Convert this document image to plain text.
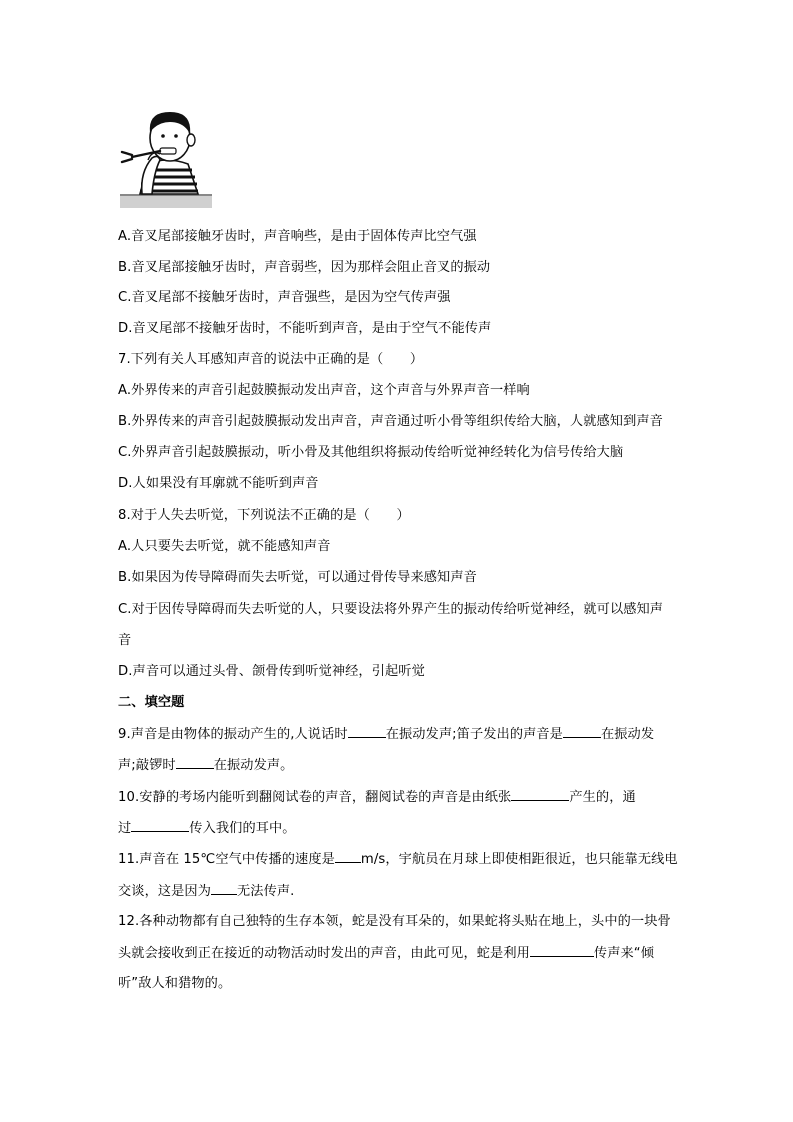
A.音叉尾部接触牙齿时，声音响些，是由于固体传声比空气强
B.音叉尾部接触牙齿时，声音弱些，因为那样会阻止音叉的振动
C.音叉尾部不接触牙齿时，声音强些，是因为空气传声强
D.音叉尾部不接触牙齿时，不能听到声音，是由于空气不能传声
7.下列有关人耳感知声音的说法中正确的是（　　）
A.外界传来的声音引起鼓膜振动发出声音，这个声音与外界声音一样响
B.外界传来的声音引起鼓膜振动发出声音，声音通过听小骨等组织传给大脑，人就感知到声音
C.外界声音引起鼓膜振动，听小骨及其他组织将振动传给听觉神经转化为信号传给大脑
D.人如果没有耳廓就不能听到声音
8.对于人失去听觉，下列说法不正确的是（　　）
A.人只要失去听觉，就不能感知声音
B.如果因为传导障碍而失去听觉，可以通过骨传导来感知声音
C.对于因传导障碍而失去听觉的人，只要设法将外界产生的振动传给听觉神经，就可以感知声
音
D.声音可以通过头骨、颌骨传到听觉神经，引起听觉
二、填空题
9.声音是由物体的振动产生的,人说话时	在振动发声;笛子发出的声音是	在振动发
声;敲锣时	在振动发声。
10.安静的考场内能听到翻阅试卷的声音，翻阅试卷的声音是由纸张	产生的，通
过	传入我们的耳中。
11.声音在 15℃空气中传播的速度是 m/s，宇航员在月球上即使相距很近，也只能靠无线电
交谈，这是因为 无法传声.
12.各种动物都有自己独特的生存本领，蛇是没有耳朵的，如果蛇将头贴在地上，头中的一块骨
头就会接收到正在接近的动物活动时发出的声音，由此可见，蛇是利用	传声来“倾
听”敌人和猎物的。
